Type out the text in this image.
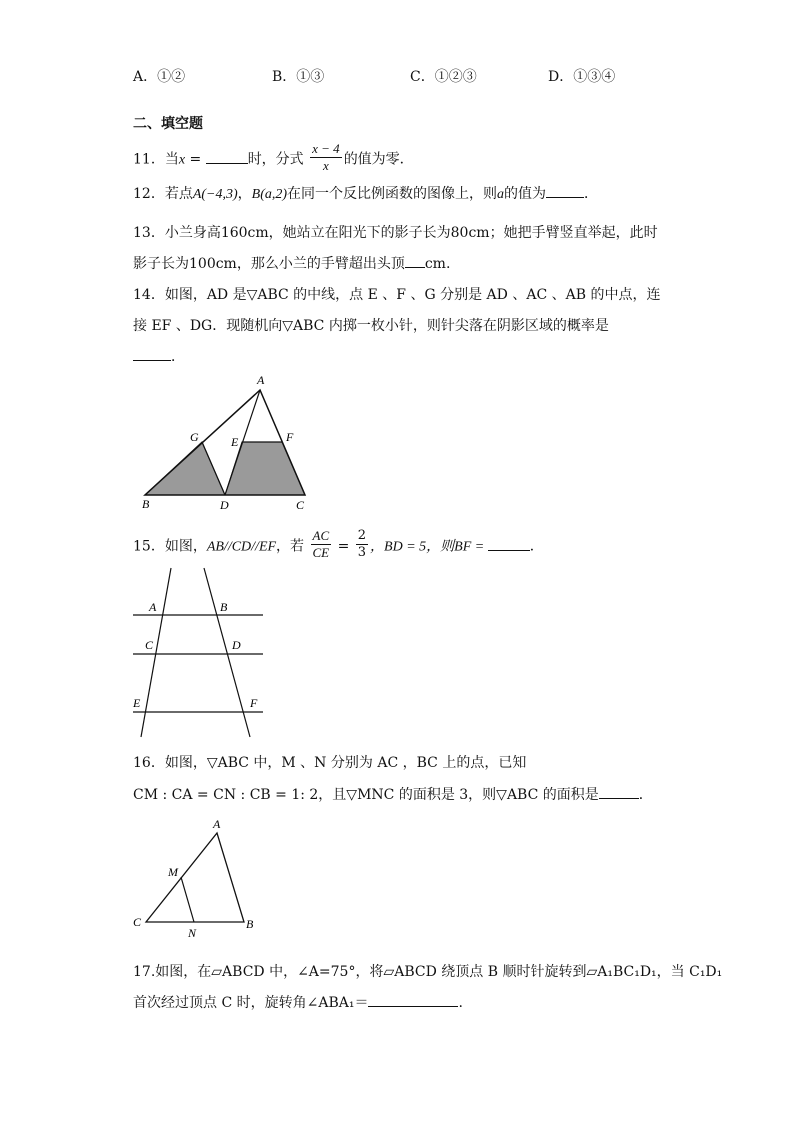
A．①②	B．①③	C．①②③	D．①③④
二、填空题
11．当x =	时，分式 $\frac{x - 4}{x}$ 的值为零．
12．若点A(−4,3)，B(a,2)在同一个反比例函数的图像上，则a的值为	．
13．小兰身高160cm，她站立在阳光下的影子长为80cm；她把手臂竖直举起，此时
影子长为100cm，那么小兰的手臂超出头顶 cm.
14．如图，AD 是▽ABC 的中线，点 E 、F 、G 分别是 AD 、AC 、AB 的中点，连
接 EF 、DG．现随机向▽ABC 内掷一枚小针，则针尖落在阴影区域的概率是
．
A
B	C
D
E	F
G
15．如图，AB//CD//EF，若 $\frac{AC}{CE} = \frac{2}{3}$ ，BD = 5，则BF =	．
A	B
C	D
E	F
16．如图，▽ABC 中，M 、N 分别为 AC ，BC 上的点，已知
CM : CA = CN : CB = 1: 2，且▽MNC 的面积是 3，则▽ABC 的面积是	．
A
B
C
M
N
17.如图，在▱ABCD 中，∠A=75°，将▱ABCD 绕顶点 B 顺时针旋转到▱A₁BC₁D₁，当 C₁D₁
首次经过顶点 C 时，旋转角∠ABA₁＝	.
